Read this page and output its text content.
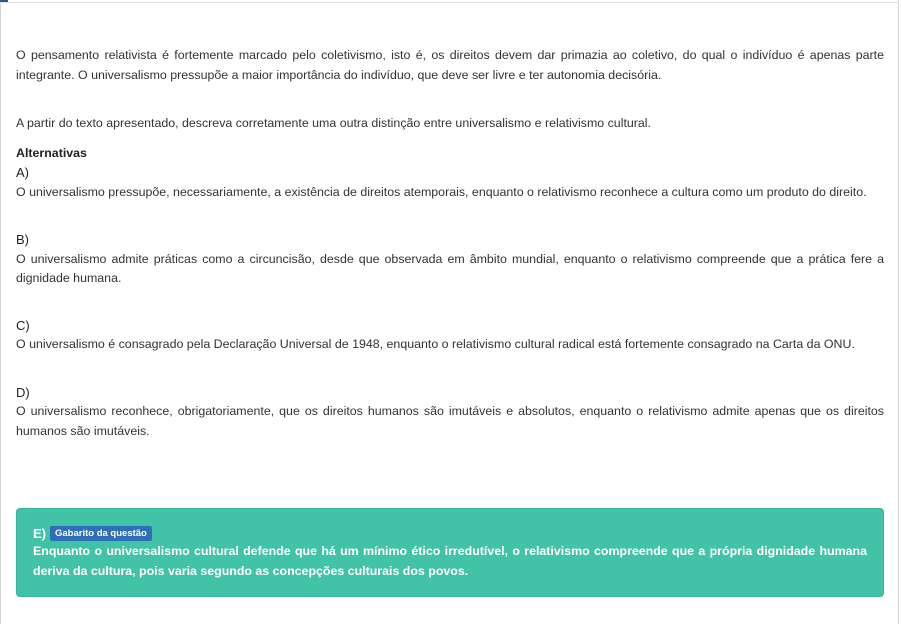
O pensamento relativista é fortemente marcado pelo coletivismo, isto é, os direitos devem dar primazia ao coletivo, do qual o indivíduo é apenas parte integrante. O universalismo pressupõe a maior importância do indivíduo, que deve ser livre e ter autonomia decisória.

A partir do texto apresentado, descreva corretamente uma outra distinção entre universalismo e relativismo cultural.

Alternativas
A)
O universalismo pressupõe, necessariamente, a existência de direitos atemporais, enquanto o relativismo reconhece a cultura como um produto do direito.
B)
O universalismo admite práticas como a circuncisão, desde que observada em âmbito mundial, enquanto o relativismo compreende que a prática fere a dignidade humana.
C)
O universalismo é consagrado pela Declaração Universal de 1948, enquanto o relativismo cultural radical está fortemente consagrado na Carta da ONU.
D)
O universalismo reconhece, obrigatoriamente, que os direitos humanos são imutáveis e absolutos, enquanto o relativismo admite apenas que os direitos humanos são imutáveis.
E) Gabarito da questão
Enquanto o universalismo cultural defende que há um mínimo ético irredutível, o relativismo compreende que a própria dignidade humana deriva da cultura, pois varia segundo as concepções culturais dos povos.
